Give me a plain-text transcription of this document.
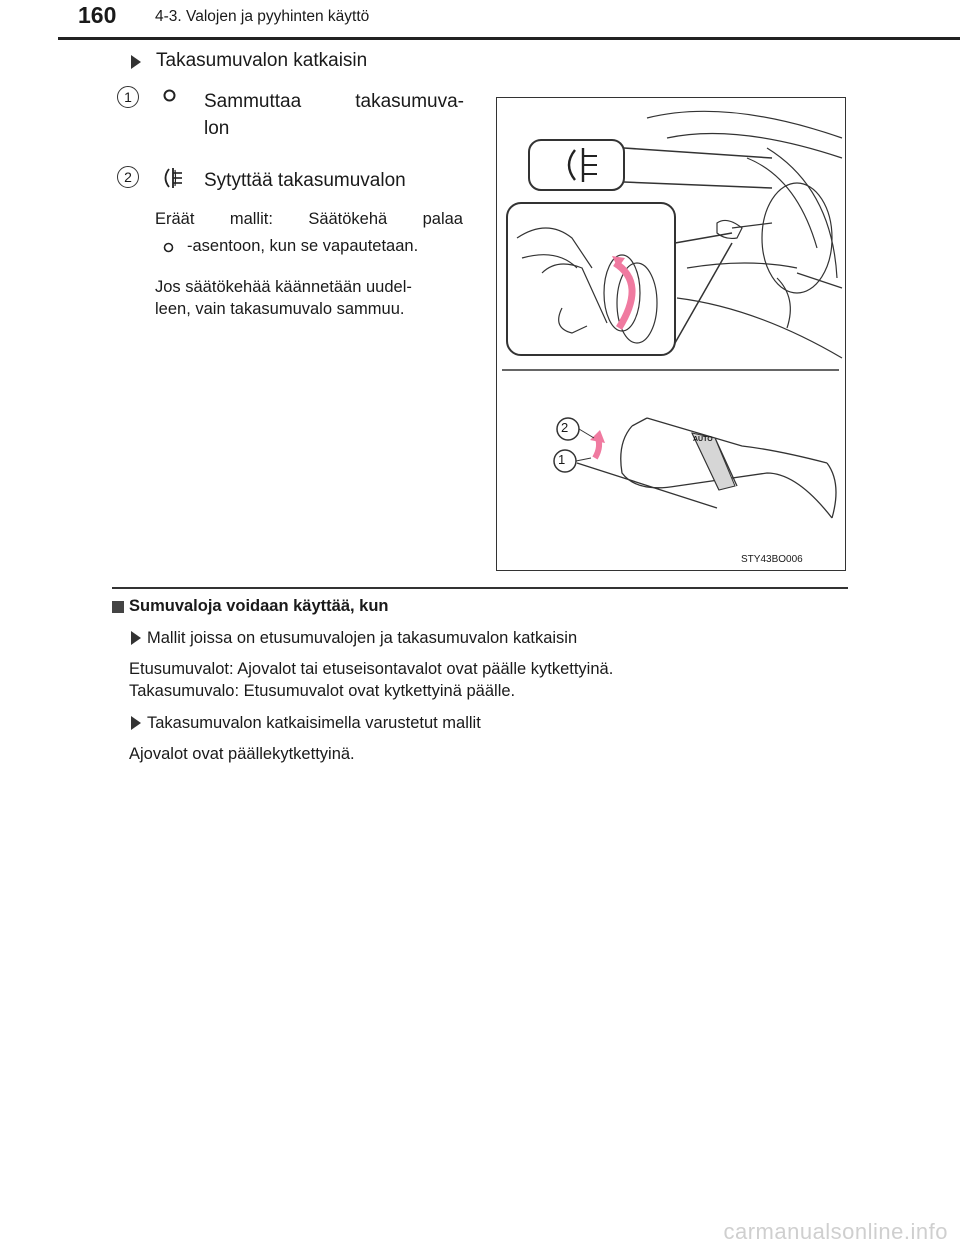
160 4-3. Valojen ja pyyhinten käyttö
Takasumuvalon katkaisin
1	Sammuttaa takasumuva-
lon
2	Sytyttää takasumuvalon
Eräät mallit: Säätökehä palaa
-asentoon, kun se vapautetaan.
Jos säätökehää käännetään uudel-
leen, vain takasumuvalo sammuu.
2
1
AUTO
STY43BO006
Sumuvaloja voidaan käyttää, kun
Mallit joissa on etusumuvalojen ja takasumuvalon katkaisin
Etusumuvalot: Ajovalot tai etuseisontavalot ovat päälle kytkettyinä.
Takasumuvalo: Etusumuvalot ovat kytkettyinä päälle.
Takasumuvalon katkaisimella varustetut mallit
Ajovalot ovat päällekytkettyinä.
carmanualsonline.info
